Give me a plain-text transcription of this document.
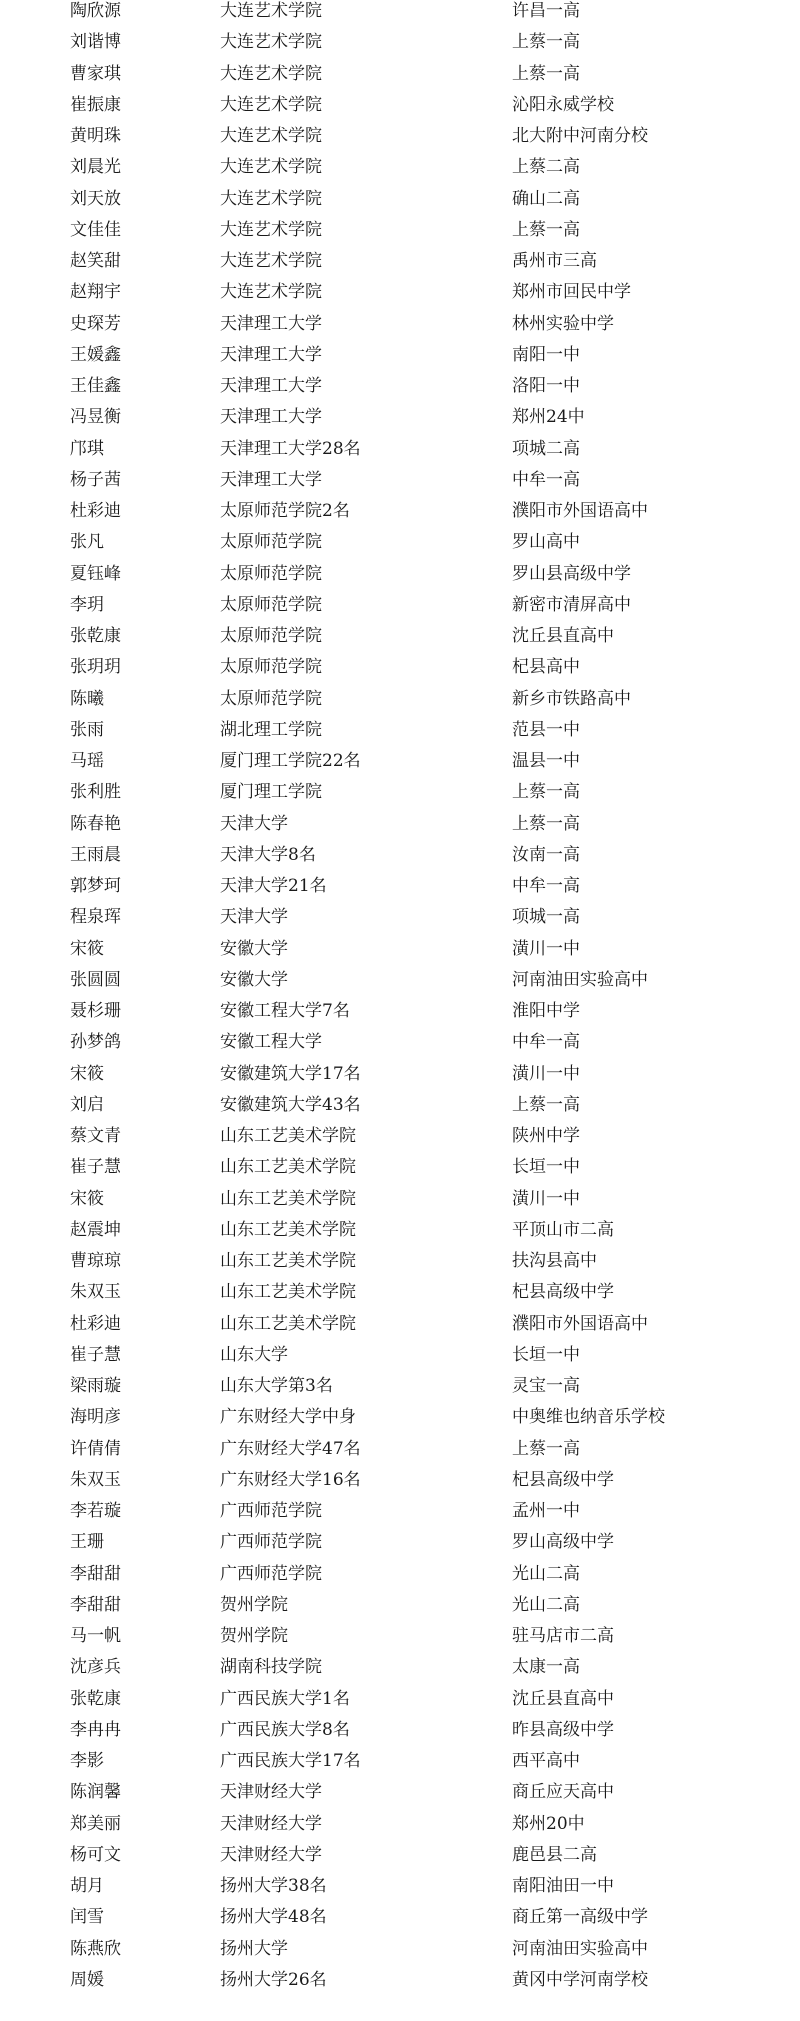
陶欣源	大连艺术学院	许昌一高
刘谐博	大连艺术学院	上蔡一高
曹家琪	大连艺术学院	上蔡一高
崔振康	大连艺术学院	沁阳永威学校
黄明珠	大连艺术学院	北大附中河南分校
刘晨光	大连艺术学院	上蔡二高
刘天放	大连艺术学院	确山二高
文佳佳	大连艺术学院	上蔡一高
赵笑甜	大连艺术学院	禹州市三高
赵翔宇	大连艺术学院	郑州市回民中学
史琛芳	天津理工大学	林州实验中学
王媛鑫	天津理工大学	南阳一中
王佳鑫	天津理工大学	洛阳一中
冯昱衡	天津理工大学	郑州24中
邝琪	天津理工大学28名	项城二高
杨子茜	天津理工大学	中牟一高
杜彩迪	太原师范学院2名	濮阳市外国语高中
张凡	太原师范学院	罗山高中
夏钰峰	太原师范学院	罗山县高级中学
李玥	太原师范学院	新密市清屏高中
张乾康	太原师范学院	沈丘县直高中
张玥玥	太原师范学院	杞县高中
陈曦	太原师范学院	新乡市铁路高中
张雨	湖北理工学院	范县一中
马瑶	厦门理工学院22名	温县一中
张利胜	厦门理工学院	上蔡一高
陈春艳	天津大学	上蔡一高
王雨晨	天津大学8名	汝南一高
郭梦珂	天津大学21名	中牟一高
程泉珲	天津大学	项城一高
宋筱	安徽大学	潢川一中
张圆圆	安徽大学	河南油田实验高中
聂杉珊	安徽工程大学7名	淮阳中学
孙梦鸽	安徽工程大学	中牟一高
宋筱	安徽建筑大学17名	潢川一中
刘启	安徽建筑大学43名	上蔡一高
蔡文青	山东工艺美术学院	陕州中学
崔子慧	山东工艺美术学院	长垣一中
宋筱	山东工艺美术学院	潢川一中
赵震坤	山东工艺美术学院	平顶山市二高
曹琼琼	山东工艺美术学院	扶沟县高中
朱双玉	山东工艺美术学院	杞县高级中学
杜彩迪	山东工艺美术学院	濮阳市外国语高中
崔子慧	山东大学	长垣一中
梁雨璇	山东大学第3名	灵宝一高
海明彦	广东财经大学中身	中奥维也纳音乐学校
许倩倩	广东财经大学47名	上蔡一高
朱双玉	广东财经大学16名	杞县高级中学
李若璇	广西师范学院	孟州一中
王珊	广西师范学院	罗山高级中学
李甜甜	广西师范学院	光山二高
李甜甜	贺州学院	光山二高
马一帆	贺州学院	驻马店市二高
沈彦兵	湖南科技学院	太康一高
张乾康	广西民族大学1名	沈丘县直高中
李冉冉	广西民族大学8名	昨县高级中学
李影	广西民族大学17名	西平高中
陈润馨	天津财经大学	商丘应天高中
郑美丽	天津财经大学	郑州20中
杨可文	天津财经大学	鹿邑县二高
胡月	扬州大学38名	南阳油田一中
闰雪	扬州大学48名	商丘第一高级中学
陈燕欣	扬州大学	河南油田实验高中
周媛	扬州大学26名	黄冈中学河南学校
